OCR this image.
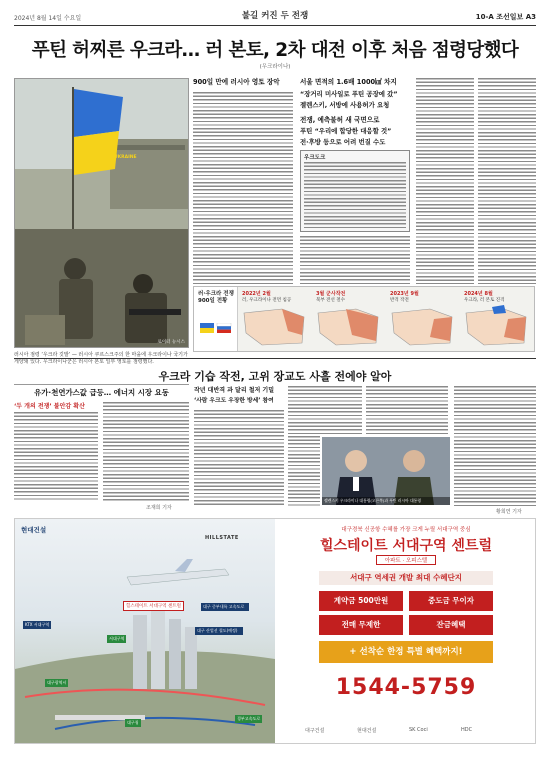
2024년 8월 14일 수요일	불길 커진 두 전쟁	10-A 조선일보 A3
푸틴 허찌른 우크라… 러 본토, 2차 대전 이후 처음 점령당했다
(우크라이나)
로이터 뉴시스
UKRAINE
900일 만에 러시아 영토 장악	서울 면적의 1.6배 1000㎢ 차지
“장거리 미사일로 푸틴 공장에 갔”
젤렌스키, 서방에 사용허가 요청
전쟁, 예측불허 새 국면으로
푸틴 “우리에 합당한 대응할 것”
전·후방 등으로 어려 번질 수도
우크도크
러·우크라 전쟁 900일 전황
2022년 2월
러, 우크라이나 전면 침공
3월 군사작전
북부 전선 철수
2023년 9월
반격 작전
2024년 8월
우크라, 러 본토 진격
러시아 점령 ‘우크라 깃발’ — 러시아 쿠르스크주의 한 마을에 우크라이나 국기가 게양돼 있다. 우크라이나군은 러시아 본토 일부 영토를 점령했다.
우크라 기습 작전, 고위 장교도 사흘 전에야 알아
유가·천연가스값 급등… 에너지 시장 요동
‘두 개의 전쟁’ 불안감 확산
조재희 기자
작년 대반격 과 달리 철저 기밀
‘사람 우크도 우장한 방세’ 참여
젤렌스키 우크라이나 대통령(오른쪽)과 푸틴 러시아 대통령
황희연 기자
현대건설
HILLSTATE
힐스테이트 서대구역 센트럴	대구 중부내륙 고속도로
서대구역
KTX 서대구역
대구 산업선 철도(예정)
대구광역시
경부고속도로
대구청
대구경북 신공항 수혜를 가장 크게 누릴 서대구역 중심
힐스테이트 서대구역 센트럴
아파트 · 오피스텔
서대구 역세권 개발 최대 수혜단지
계약금 500만원	중도금 무이자
전매 무제한	잔금혜택
+ 선착순 한정 특별 혜택까지!
1544-5759
대구건설	현대건설	SK Coci	HDC
